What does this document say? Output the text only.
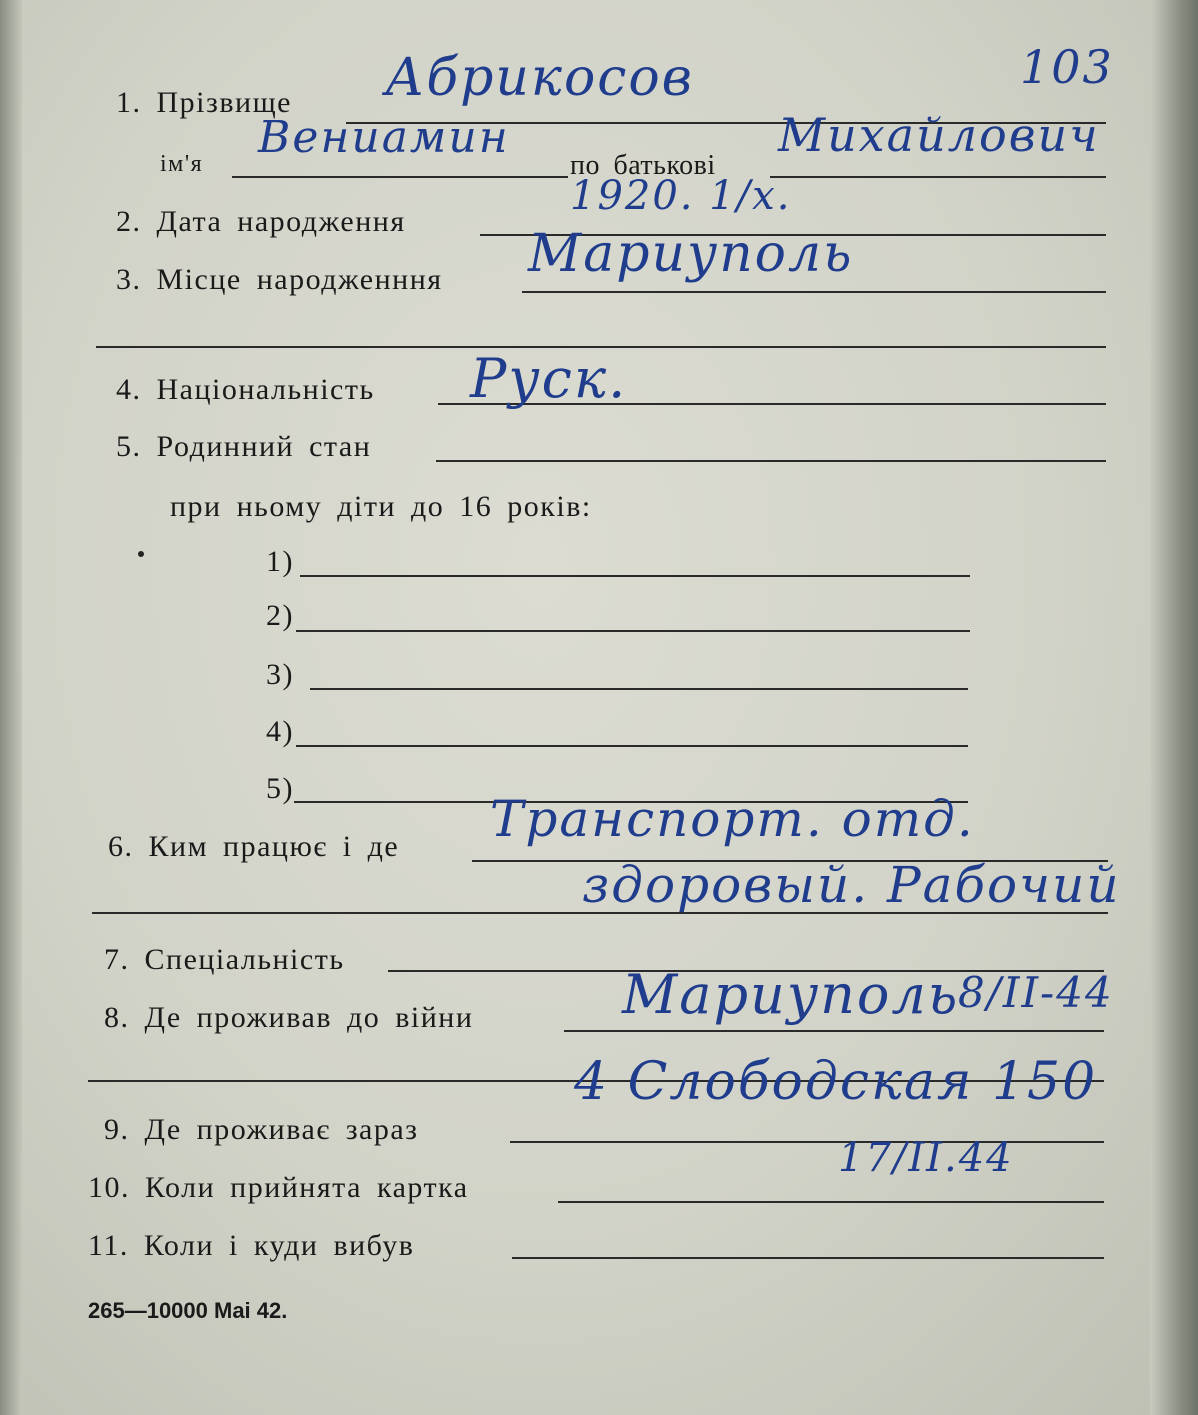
1. Прізвище Абрикосов	103
ім'я
Вениамин
по батькові
Михайлович
2. Дата народження
1920. 1/х.
3. Місце народженння Мариуполь
4. Національність Руск.
5. Родинний стан
при ньому діти до 16 років:
1)
2)
3)
4)
5)
6. Ким працює і де Транспорт. отд.
здоровый. Рабочий
7. Спеціальність
8. Де проживав до війни	Мариуполь
8/II-44
4 Слободская 150
9. Де проживає зараз
10. Коли прийнята картка
17/II.44
11. Коли і куди вибув
265—10000 Mai 42.
